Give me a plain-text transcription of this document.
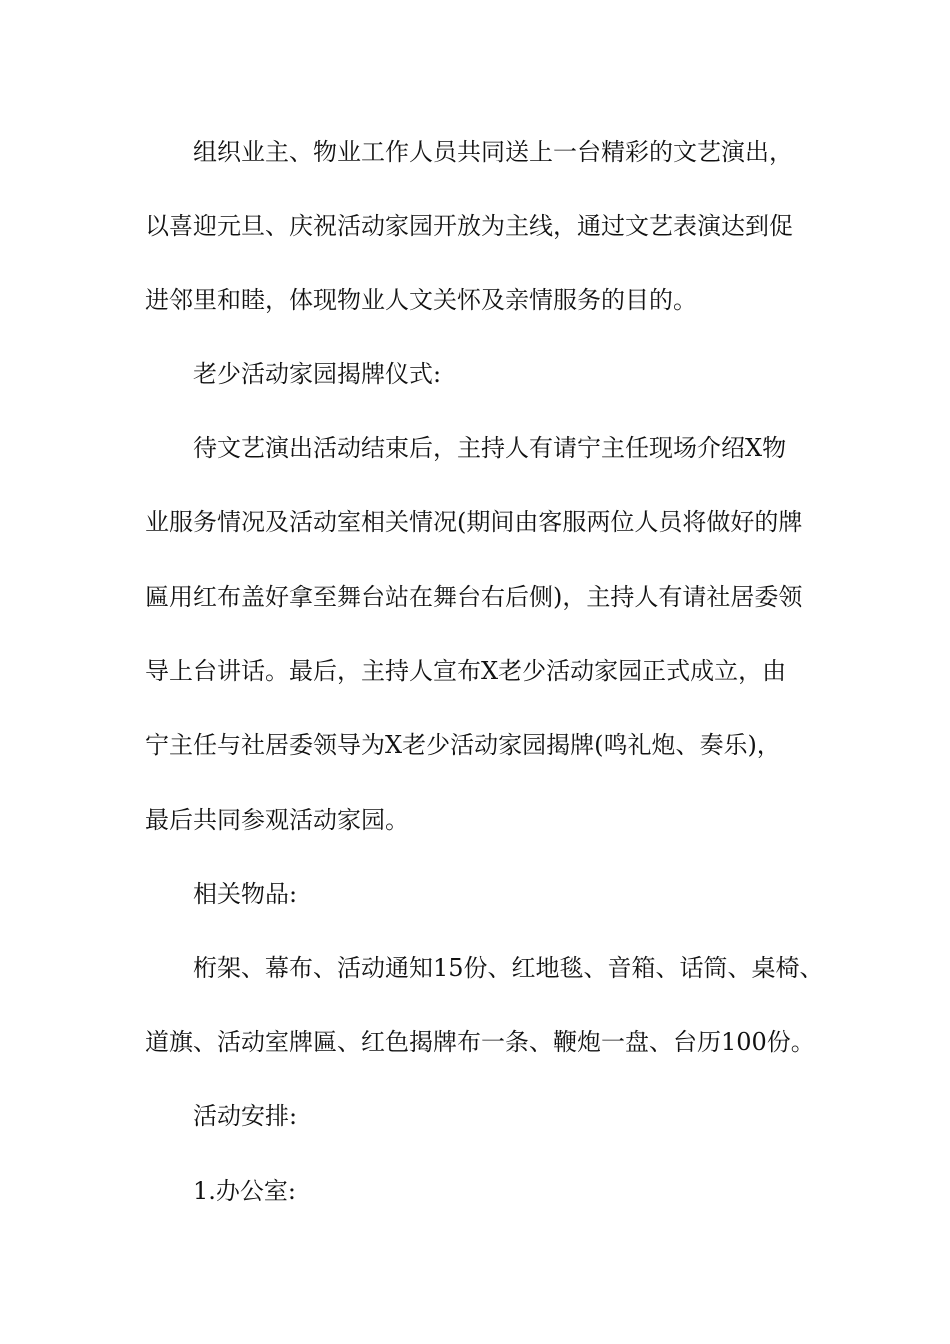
组织业主、物业工作人员共同送上一台精彩的文艺演出，

以喜迎元旦、庆祝活动家园开放为主线，通过文艺表演达到促

进邻里和睦，体现物业人文关怀及亲情服务的目的。

老少活动家园揭牌仪式:

待文艺演出活动结束后，主持人有请宁主任现场介绍X物

业服务情况及活动室相关情况(期间由客服两位人员将做好的牌

匾用红布盖好拿至舞台站在舞台右后侧)，主持人有请社居委领

导上台讲话。最后，主持人宣布X老少活动家园正式成立，由

宁主任与社居委领导为X老少活动家园揭牌(鸣礼炮、奏乐)，

最后共同参观活动家园。

相关物品:

桁架、幕布、活动通知15份、红地毯、音箱、话筒、桌椅、

道旗、活动室牌匾、红色揭牌布一条、鞭炮一盘、台历100份。

活动安排:

1.办公室:
